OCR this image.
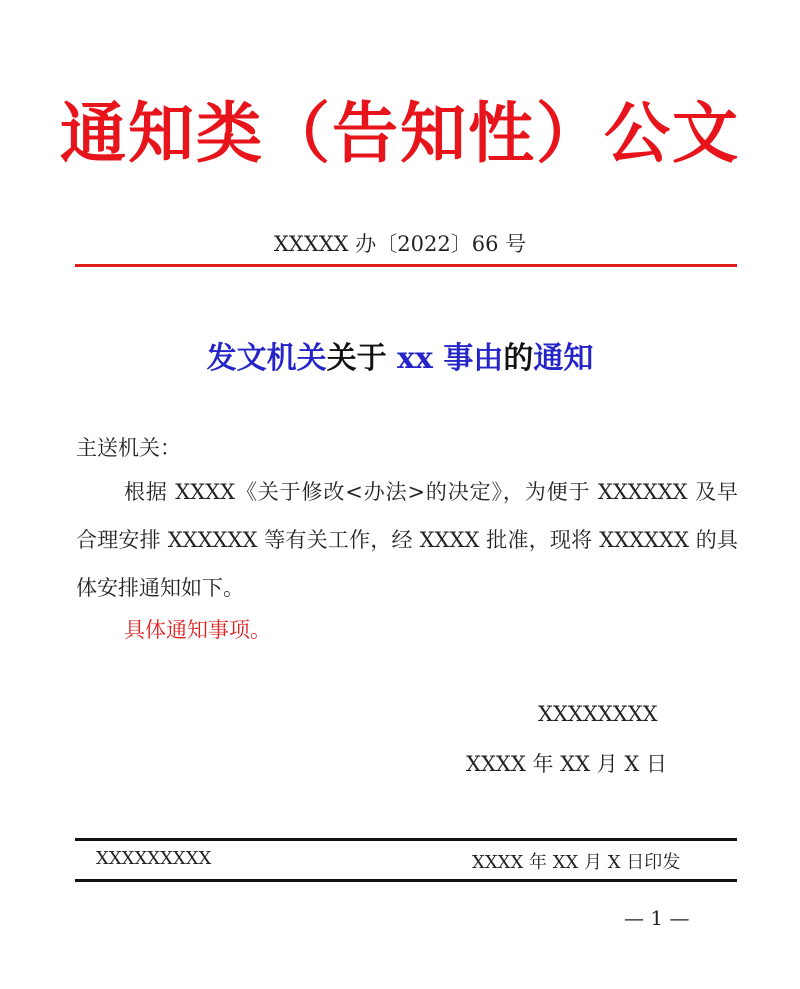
通知类（告知性）公文
XXXXX 办〔2022〕66 号
发文机关关于 xx 事由的通知
主送机关：
根据 XXXX《关于修改<办法>的决定》，为便于 XXXXXX 及早合理安排 XXXXXX 等有关工作，经 XXXX 批准，现将 XXXXXX 的具体安排通知如下。
具体通知事项。
XXXXXXXX
XXXX 年 XX 月 X 日
XXXXXXXXX	XXXX 年 XX 月 X 日印发
— 1 —
